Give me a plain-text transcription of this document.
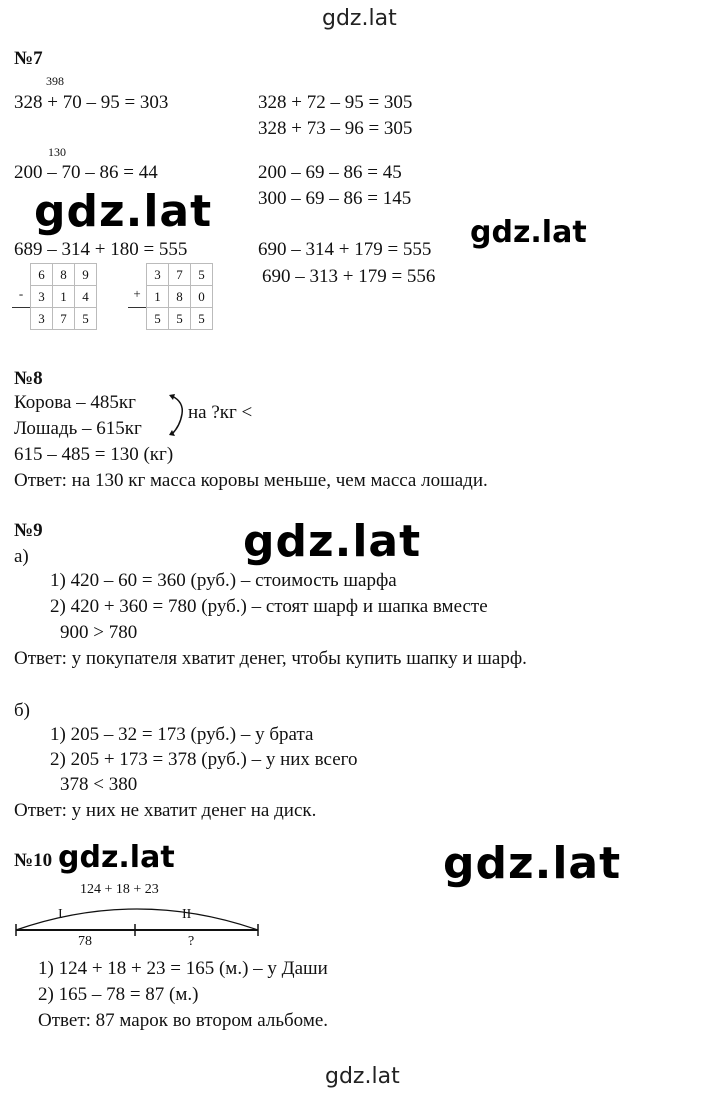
gdz.lat
gdz.lat
gdz.lat	gdz.lat
gdz.lat
gdz.lat
№7
398
328 + 70 – 95 = 303	328 + 72 – 95 = 305
328 + 73 – 96 = 305
130
200 – 70 – 86 = 44	200 – 69 – 86 = 45
300 – 69 – 86 = 145
689 – 314 + 180 = 555	690 – 314 + 179 = 555
690 – 313 + 179 = 556
	6	8	9
-	3	1	4
	3	7	5
	3	7	5
+	1	8	0
	5	5	5
№8
Корова – 485кг
Лошадь – 615кг
на ?кг <
615 – 485 = 130 (кг)
Ответ: на 130 кг масса коровы меньше, чем масса лошади.
№9
а)
1) 420 – 60 = 360 (руб.) – стоимость шарфа
2) 420 + 360 = 780 (руб.) – стоят шарф и шапка вместе
900 > 780
Ответ: у покупателя хватит денег, чтобы купить шапку и шарф.
б)
1) 205 – 32 = 173 (руб.) – у брата
2) 205 + 173 = 378 (руб.) – у них всего
378 < 380
Ответ: у них не хватит денег на диск.
№10 gdz.lat
124 + 18 + 23
I	II
78	?
1) 124 + 18 + 23 = 165 (м.) – у Даши
2) 165 – 78 = 87 (м.)
Ответ: 87 марок во втором альбоме.
